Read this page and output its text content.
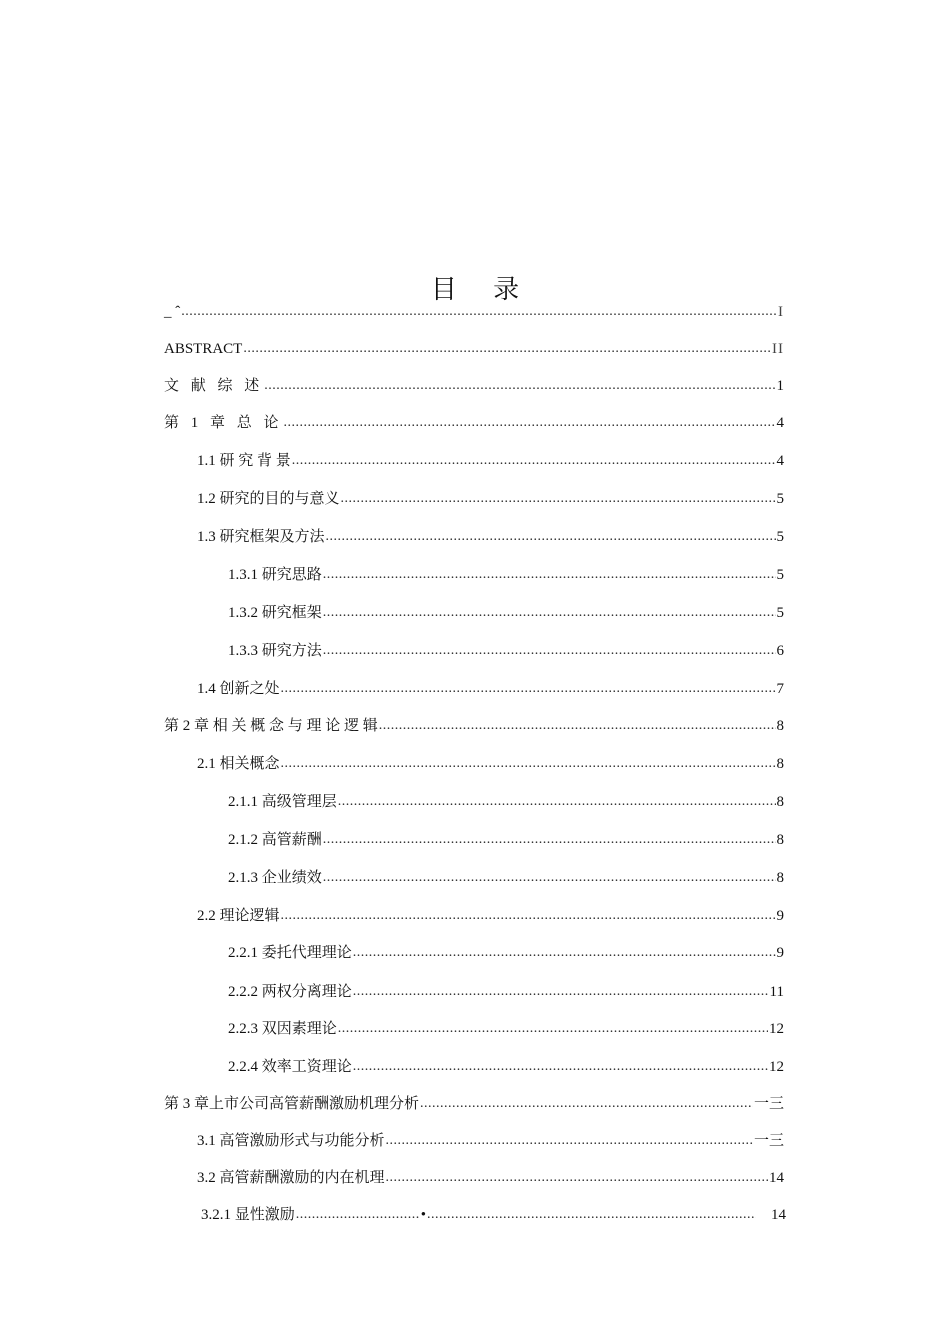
目 录
_ ˆ .....	I
ABSTRACT .....	II
文 献 综 述 .....	1
第 1 章 总 论 .....	4
1.1 研 究 背 景 .....	4
1.2 研究的目的与意义 .....	5
1.3 研究框架及方法 .....	5
1.3.1 研究思路 .....	5
1.3.2 研究框架 .....	5
1.3.3 研究方法 .....	6
1.4 创新之处 .....	7
第 2 章 相 关 概 念 与 理 论 逻 辑 .....	8
2.1 相关概念 .....	8
2.1.1 高级管理层 .....	8
2.1.2 高管薪酬 .....	8
2.1.3 企业绩效 .....	8
2.2 理论逻辑 .....	9
2.2.1 委托代理理论 .....	9
2.2.2 两权分离理论 .....	11
2.2.3 双因素理论 .....	12
2.2.4 效率工资理论 .....	12
第 3 章上市公司高管薪酬激励机理分析 .....	一三
3.1 高管激励形式与功能分析 .....	一三
3.2 高管薪酬激励的内在机理 .....	14
3.2.1 显性激励 .....	• .....	14
